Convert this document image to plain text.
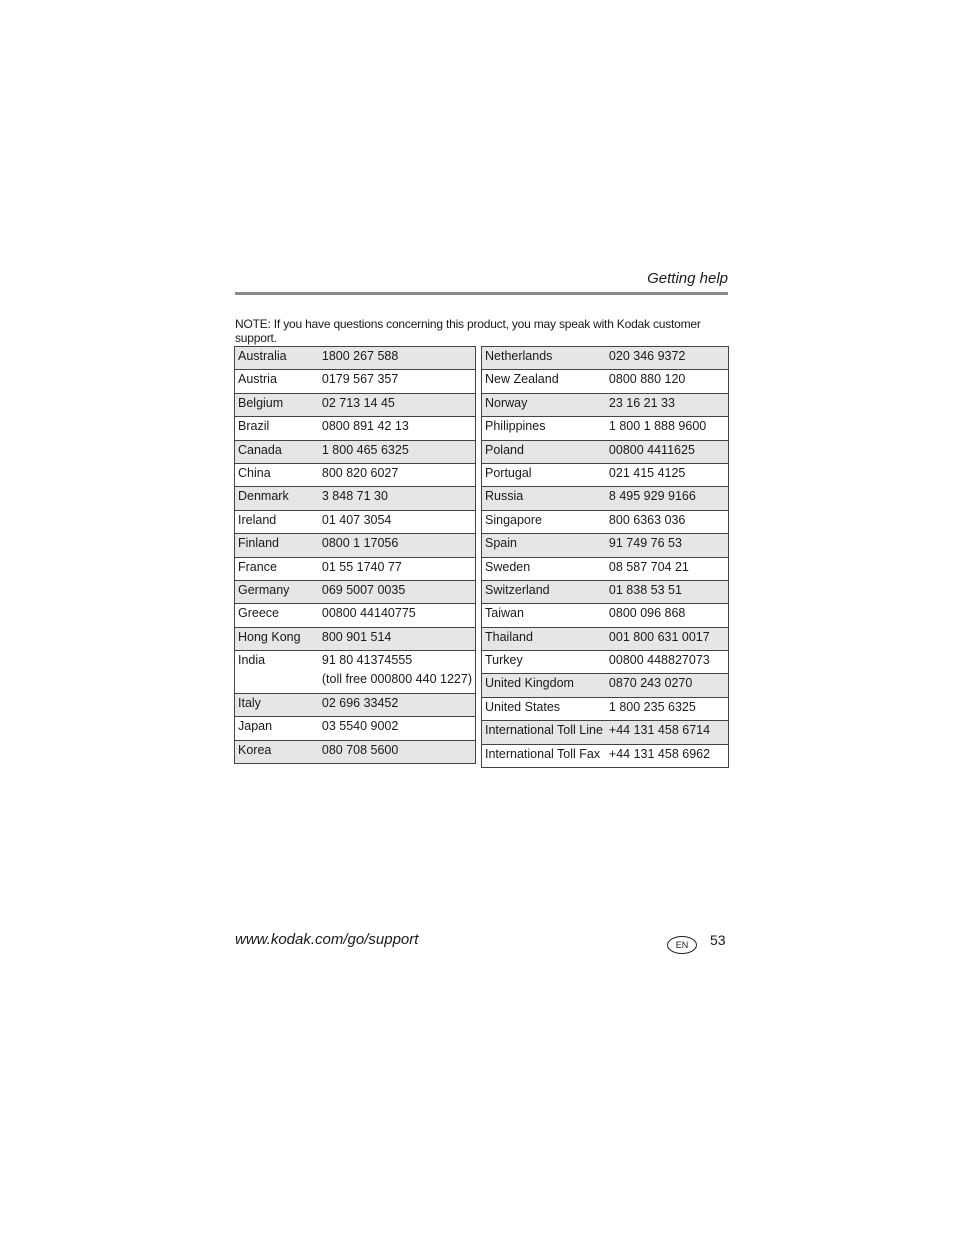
Getting help
NOTE: If you have questions concerning this product, you may speak with Kodak customer support.
Australia	1800 267 588

Austria	0179 567 357

Belgium	02 713 14 45

Brazil	0800 891 42 13

Canada	1 800 465 6325

China	800 820 6027

Denmark	3 848 71 30

Ireland	01 407 3054

Finland	0800 1 17056

France	01 55 1740 77

Germany	069 5007 0035

Greece	00800 44140775

Hong Kong	800 901 514

India	91 80 41374555
(toll free 000800 440 1227)

Italy	02 696 33452

Japan	03 5540 9002

Korea	080 708 5600
Netherlands	020 346 9372

New Zealand	0800 880 120

Norway	23 16 21 33

Philippines	1 800 1 888 9600

Poland	00800 4411625

Portugal	021 415 4125

Russia	8 495 929 9166

Singapore	800 6363 036

Spain	91 749 76 53

Sweden	08 587 704 21

Switzerland	01 838 53 51

Taiwan	0800 096 868

Thailand	001 800 631 0017

Turkey	00800 448827073

United Kingdom	0870 243 0270

United States	1 800 235 6325

International Toll Line	+44 131 458 6714

International Toll Fax	+44 131 458 6962
www.kodak.com/go/support	EN	53
